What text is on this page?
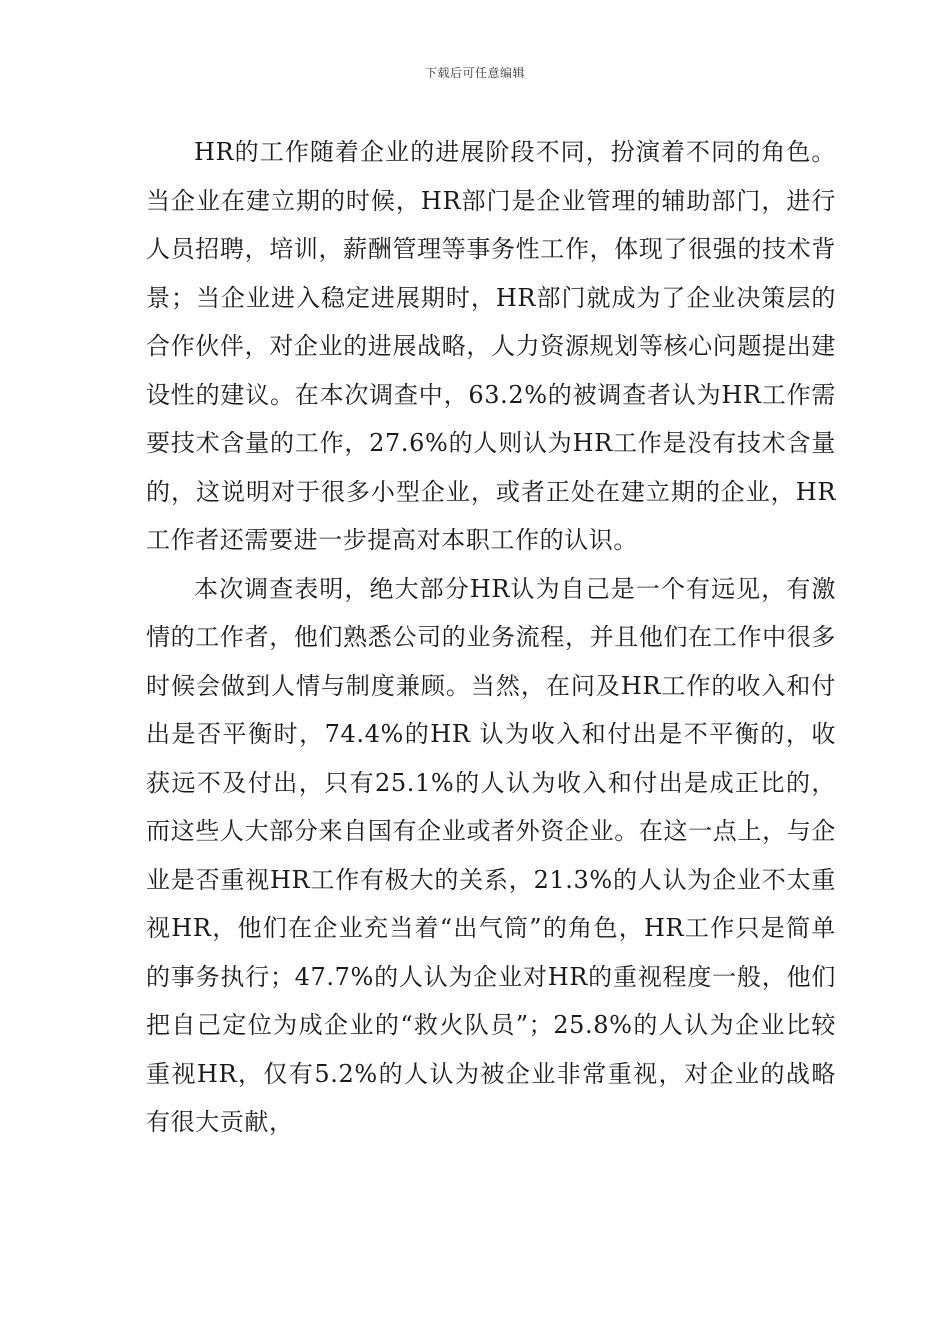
下载后可任意编辑

HR的工作随着企业的进展阶段不同，扮演着不同的角色。当企业在建立期的时候，HR部门是企业管理的辅助部门，进行人员招聘，培训，薪酬管理等事务性工作，体现了很强的技术背景；当企业进入稳定进展期时，HR部门就成为了企业决策层的合作伙伴，对企业的进展战略，人力资源规划等核心问题提出建设性的建议。在本次调查中，63.2%的被调查者认为HR工作需要技术含量的工作，27.6%的人则认为HR工作是没有技术含量的，这说明对于很多小型企业，或者正处在建立期的企业，HR工作者还需要进一步提高对本职工作的认识。

本次调查表明，绝大部分HR认为自己是一个有远见，有激情的工作者，他们熟悉公司的业务流程，并且他们在工作中很多时候会做到人情与制度兼顾。当然，在问及HR工作的收入和付出是否平衡时，74.4%的HR 认为收入和付出是不平衡的，收获远不及付出，只有25.1%的人认为收入和付出是成正比的，而这些人大部分来自国有企业或者外资企业。在这一点上，与企业是否重视HR工作有极大的关系，21.3%的人认为企业不太重视HR，他们在企业充当着“出气筒”的角色，HR工作只是简单的事务执行；47.7%的人认为企业对HR的重视程度一般，他们把自己定位为成企业的“救火队员”；25.8%的人认为企业比较重视HR，仅有5.2%的人认为被企业非常重视，对企业的战略有很大贡献，
